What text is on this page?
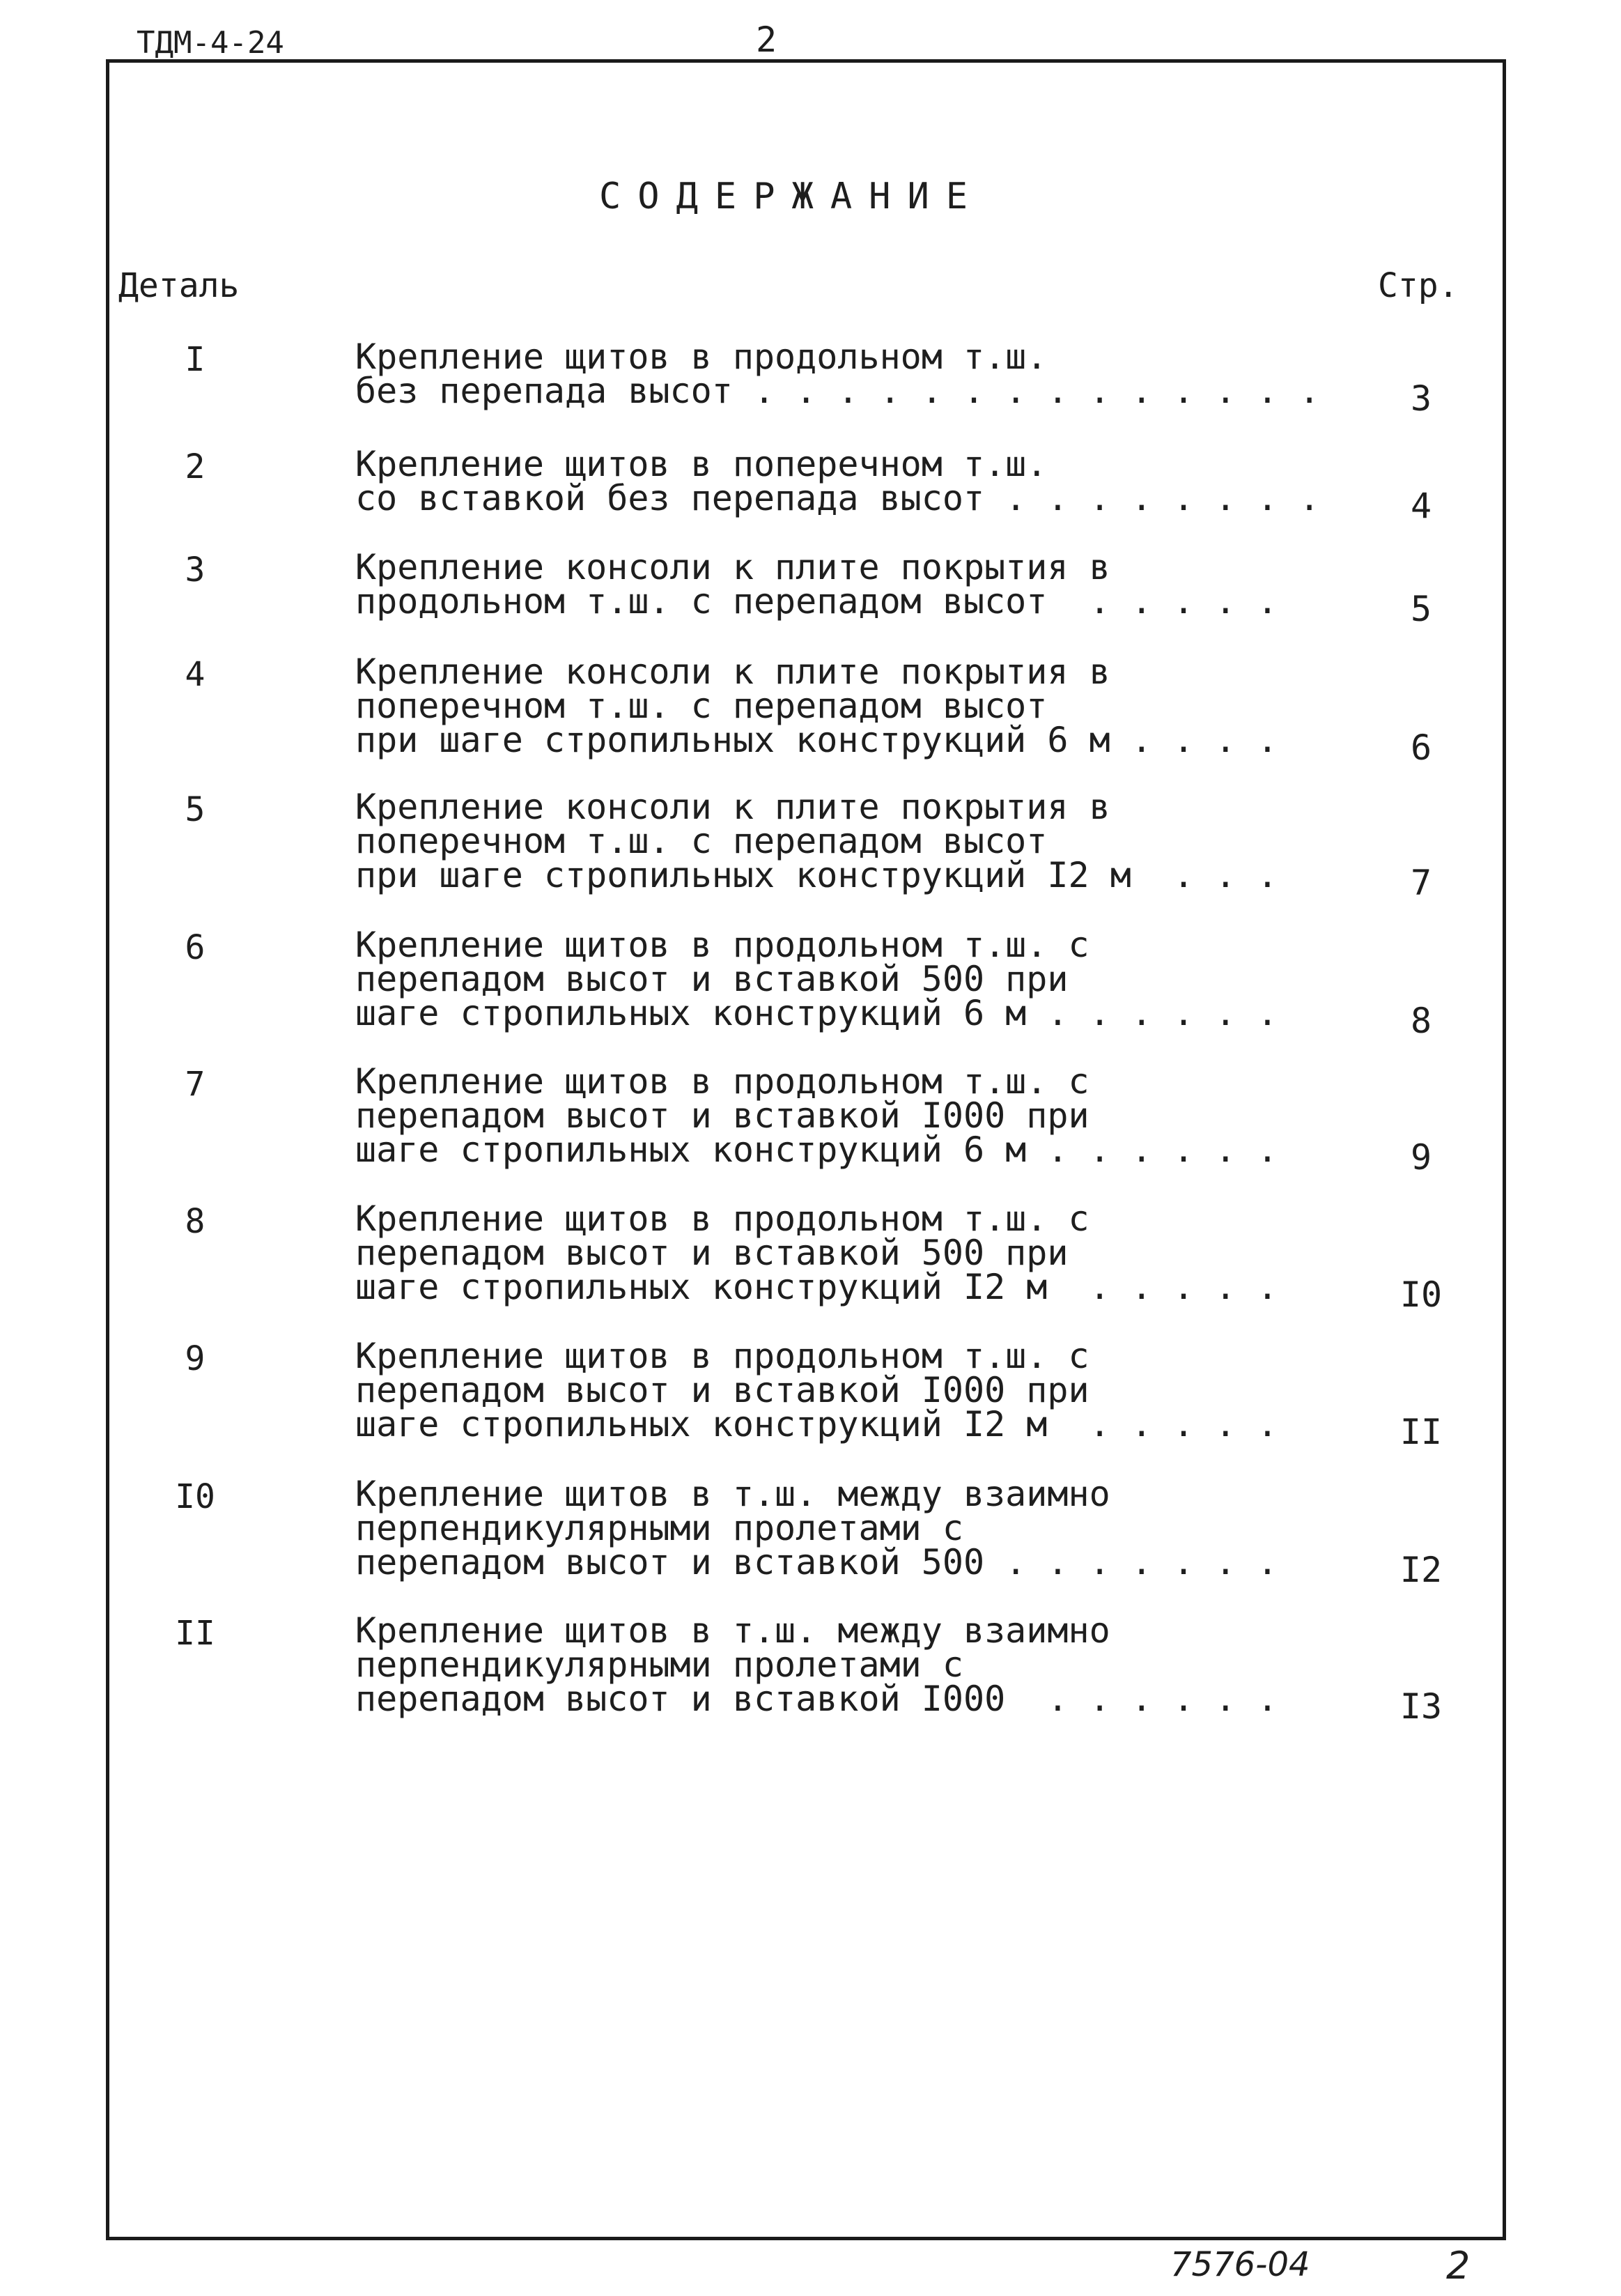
ТДМ-4-24	2
СОДЕРЖАНИЕ
Деталь	Стр.
I	Крепление щитов в продольном т.ш.
без перепада высот . . . . . . . . . . . . . .	3
2	Крепление щитов в поперечном т.ш.
со вставкой без перепада высот . . . . . . . .	4
3	Крепление консоли к плите покрытия в
продольном т.ш. с перепадом высот  . . . . .	5
4	Крепление консоли к плите покрытия в
поперечном т.ш. с перепадом высот
при шаге стропильных конструкций 6 м . . . .	6
5	Крепление консоли к плите покрытия в
поперечном т.ш. с перепадом высот
при шаге стропильных конструкций I2 м  . . .	7
6	Крепление щитов в продольном т.ш. с
перепадом высот и вставкой 500 при
шаге стропильных конструкций 6 м . . . . . .	8
7	Крепление щитов в продольном т.ш. с
перепадом высот и вставкой I000 при
шаге стропильных конструкций 6 м . . . . . .	9
8	Крепление щитов в продольном т.ш. с
перепадом высот и вставкой 500 при
шаге стропильных конструкций I2 м  . . . . .	I0
9	Крепление щитов в продольном т.ш. с
перепадом высот и вставкой I000 при
шаге стропильных конструкций I2 м  . . . . .	II
I0	Крепление щитов в т.ш. между взаимно
перпендикулярными пролетами с
перепадом высот и вставкой 500 . . . . . . .	I2
II	Крепление щитов в т.ш. между взаимно
перпендикулярными пролетами с
перепадом высот и вставкой I000  . . . . . .	I3
7576-04	2
